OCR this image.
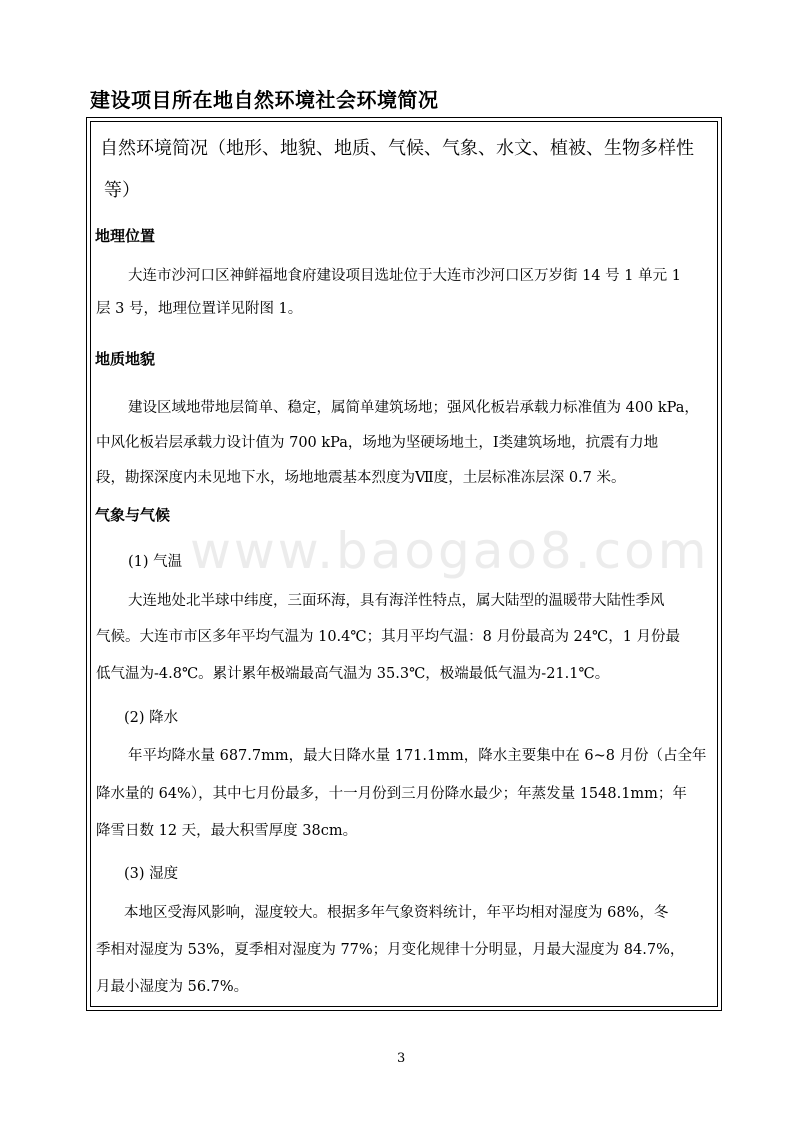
建设项目所在地自然环境社会环境简况
www.baogao8.com
自然环境简况（地形、地貌、地质、气候、气象、水文、植被、生物多样性
等）
地理位置
大连市沙河口区神鲜福地食府建设项目选址位于大连市沙河口区万岁街 14 号 1 单元 1
层 3 号，地理位置详见附图 1。
地质地貌
建设区域地带地层简单、稳定，属简单建筑场地；强风化板岩承载力标准值为 400 kPa，
中风化板岩层承载力设计值为 700 kPa，场地为坚硬场地土，Ⅰ类建筑场地，抗震有力地
段，勘探深度内未见地下水，场地地震基本烈度为Ⅶ度，土层标准冻层深 0.7 米。
气象与气候
(1) 气温
大连地处北半球中纬度，三面环海，具有海洋性特点，属大陆型的温暖带大陆性季风
气候。大连市市区多年平均气温为 10.4℃；其月平均气温：8 月份最高为 24℃，1 月份最
低气温为-4.8℃。累计累年极端最高气温为 35.3℃，极端最低气温为-21.1℃。
(2) 降水
年平均降水量 687.7mm，最大日降水量 171.1mm，降水主要集中在 6~8 月份（占全年
降水量的 64%），其中七月份最多，十一月份到三月份降水最少；年蒸发量 1548.1mm；年
降雪日数 12 天，最大积雪厚度 38cm。
(3) 湿度
本地区受海风影响，湿度较大。根据多年气象资料统计，年平均相对湿度为 68%，冬
季相对湿度为 53%，夏季相对湿度为 77%；月变化规律十分明显，月最大湿度为 84.7%，
月最小湿度为 56.7%。
3
